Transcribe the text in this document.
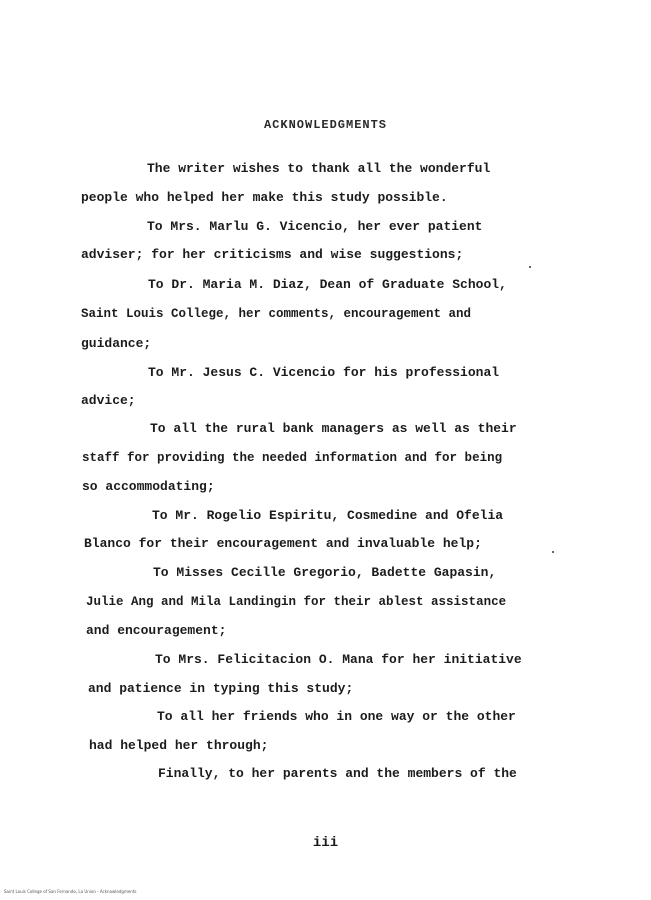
ACKNOWLEDGMENTS
The writer wishes to thank all the wonderful
people who helped her make this study possible.
To Mrs. Marlu G. Vicencio, her ever patient
adviser; for her criticisms and wise suggestions;
To Dr. Maria M. Diaz, Dean of Graduate School,
Saint Louis College, her comments, encouragement and
guidance;
To Mr. Jesus C. Vicencio for his professional
advice;
To all the rural bank managers as well as their
staff for providing the needed information and for being
so accommodating;
To Mr. Rogelio Espiritu, Cosmedine and Ofelia
Blanco for their encouragement and invaluable help;
To Misses Cecille Gregorio, Badette Gapasin,
Julie Ang and Mila Landingin for their ablest assistance
and encouragement;
To Mrs. Felicitacion O. Mana for her initiative
and patience in typing this study;
To all her friends who in one way or the other
had helped her through;
Finally, to her parents and the members of the
iii
Saint Louis College of San Fernando, La Union - Acknowledgments
